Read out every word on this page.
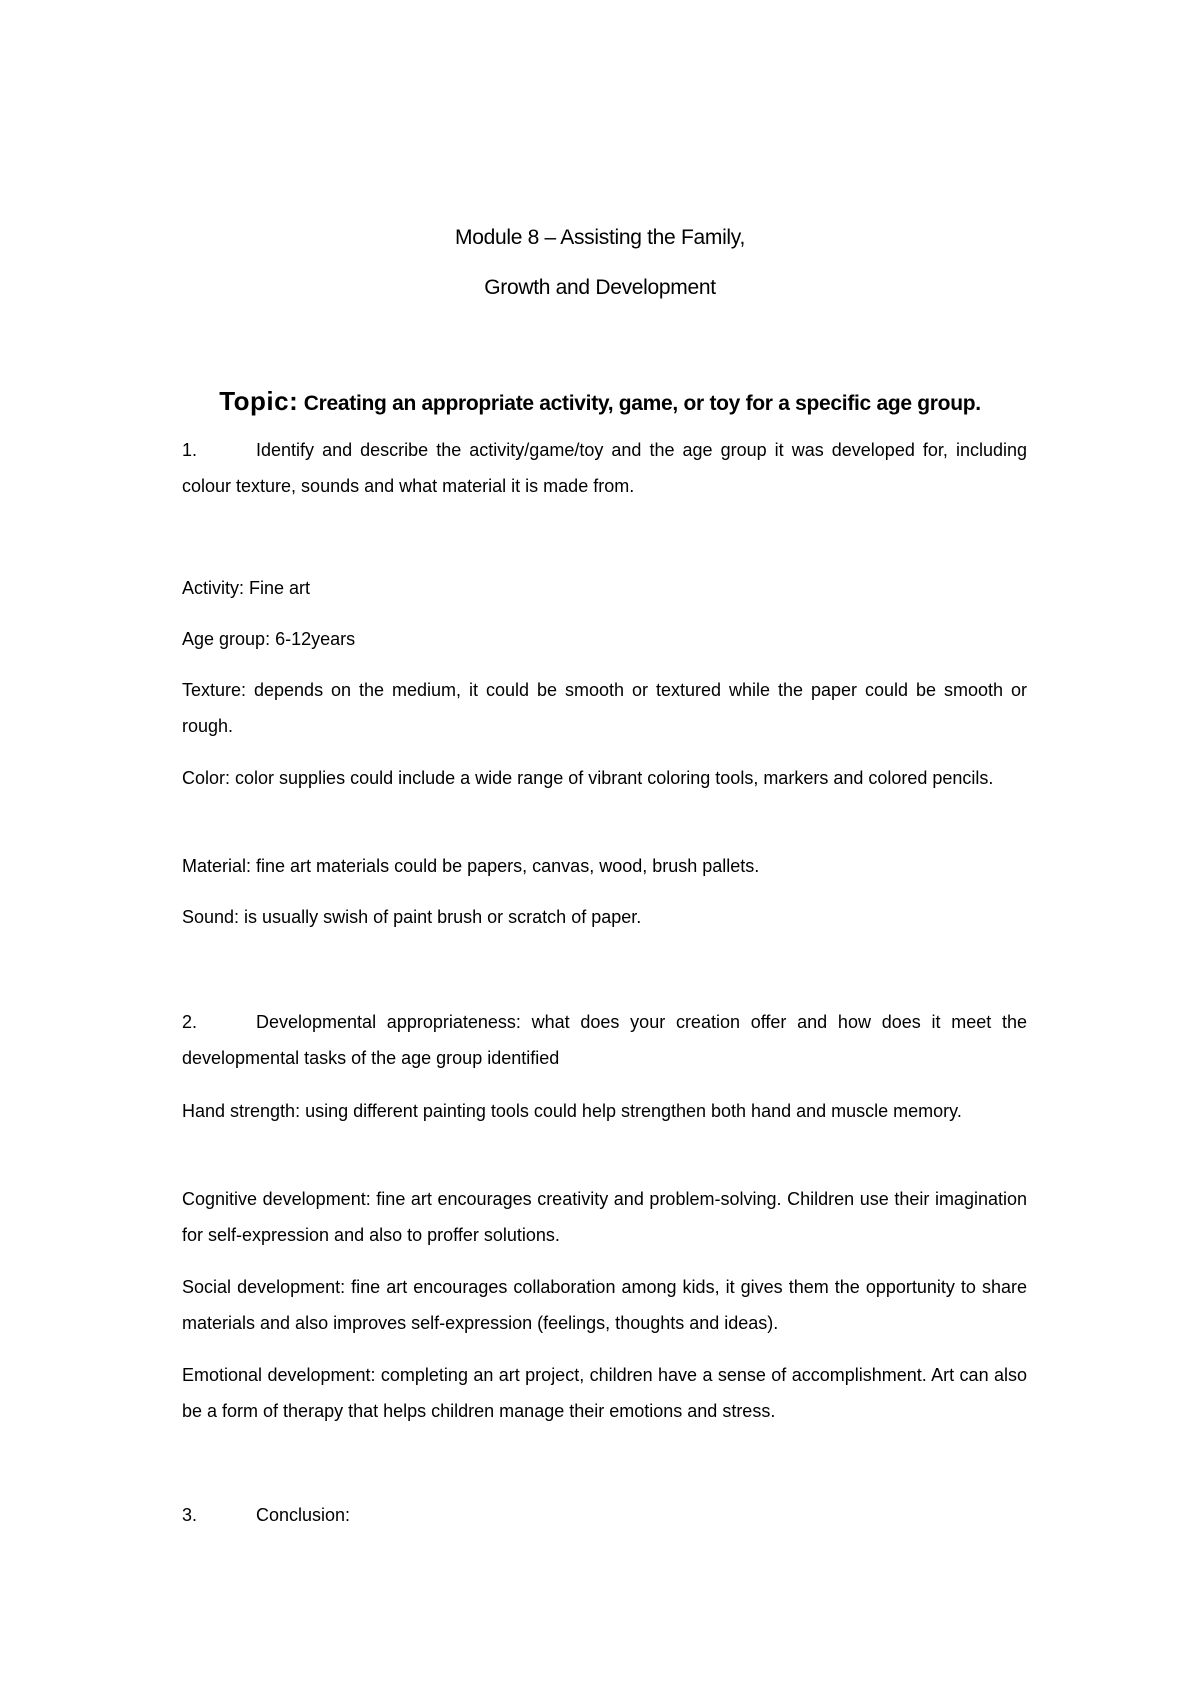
Module 8 – Assisting the Family,

Growth and Development

Topic: Creating an appropriate activity, game, or toy for a specific age group.

1.	Identify and describe the activity/game/toy and the age group it was developed for, including colour texture, sounds and what material it is made from.

Activity: Fine art

Age group: 6-12years

Texture: depends on the medium, it could be smooth or textured while the paper could be smooth or rough.

Color: color supplies could include a wide range of vibrant coloring tools, markers and colored pencils.

Material: fine art materials could be papers, canvas, wood, brush pallets.

Sound: is usually swish of paint brush or scratch of paper.

2.	Developmental appropriateness: what does your creation offer and how does it meet the developmental tasks of the age group identified

Hand strength: using different painting tools could help strengthen both hand and muscle memory.

Cognitive development: fine art encourages creativity and problem-solving. Children use their imagination for self-expression and also to proffer solutions.

Social development: fine art encourages collaboration among kids, it gives them the opportunity to share materials and also improves self-expression (feelings, thoughts and ideas).

Emotional development: completing an art project, children have a sense of accomplishment. Art can also be a form of therapy that helps children manage their emotions and stress.

3.	Conclusion:
